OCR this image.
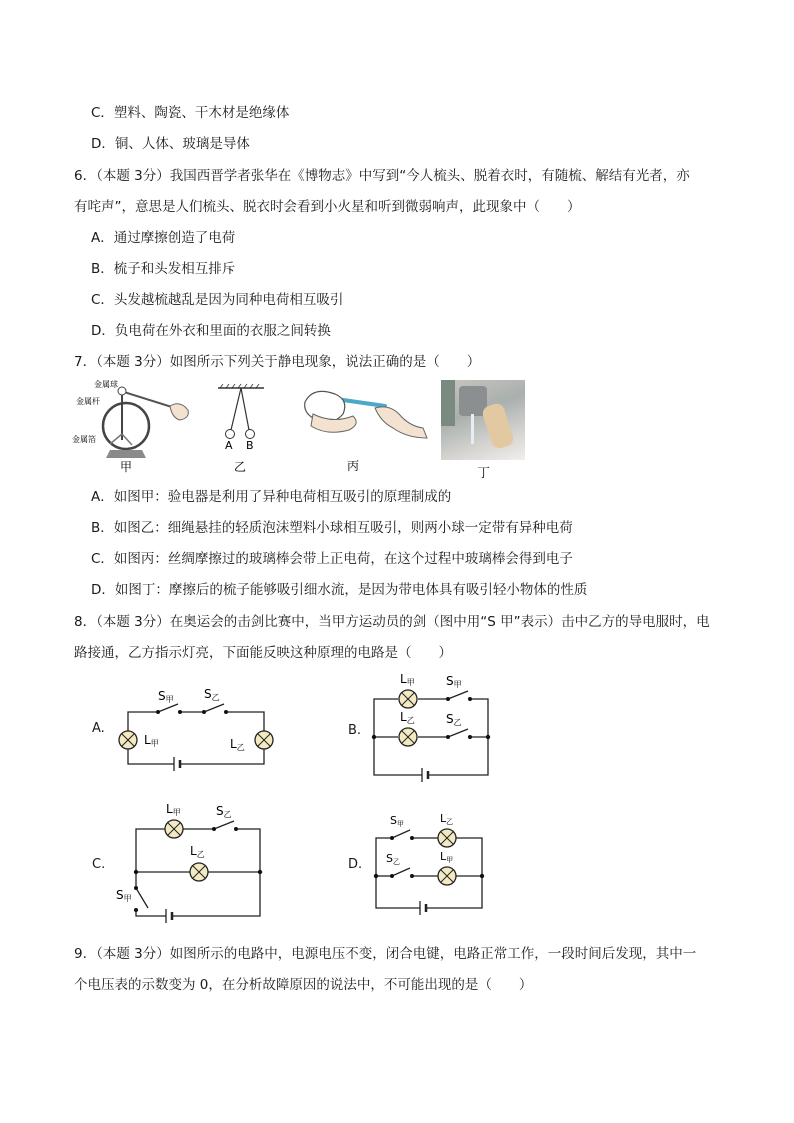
C．塑料、陶瓷、干木材是绝缘体
D．铜、人体、玻璃是导体
6．（本题 3分）我国西晋学者张华在《博物志》中写到“今人梳头、脱着衣时，有随梳、解结有光者，亦
有咤声”，意思是人们梳头、脱衣时会看到小火星和听到微弱响声，此现象中（　　）
A．通过摩擦创造了电荷
B．梳子和头发相互排斥
C．头发越梳越乱是因为同种电荷相互吸引
D．负电荷在外衣和里面的衣服之间转换
7．（本题 3分）如图所示下列关于静电现象，说法正确的是（　　）
金属球
金属杆
金属箔
甲
A B
乙	丙	丁
A．如图甲：验电器是利用了异种电荷相互吸引的原理制成的
B．如图乙：细绳悬挂的轻质泡沫塑料小球相互吸引，则两小球一定带有异种电荷
C．如图丙：丝绸摩擦过的玻璃棒会带上正电荷，在这个过程中玻璃棒会得到电子
D．如图丁：摩擦后的梳子能够吸引细水流，是因为带电体具有吸引轻小物体的性质
8．（本题 3分）在奥运会的击剑比赛中，当甲方运动员的剑（图中用“S 甲”表示）击中乙方的导电服时，电
路接通，乙方指示灯亮，下面能反映这种原理的电路是（　　）
A.
S甲	S乙
L甲	L乙
B.
L甲	S甲
L乙	S乙
C.
L甲	S乙
L乙
S甲
D.
S甲	L乙
S乙	L甲
9．（本题 3分）如图所示的电路中，电源电压不变，闭合电键，电路正常工作，一段时间后发现，其中一
个电压表的示数变为 0，在分析故障原因的说法中，不可能出现的是（　　）
